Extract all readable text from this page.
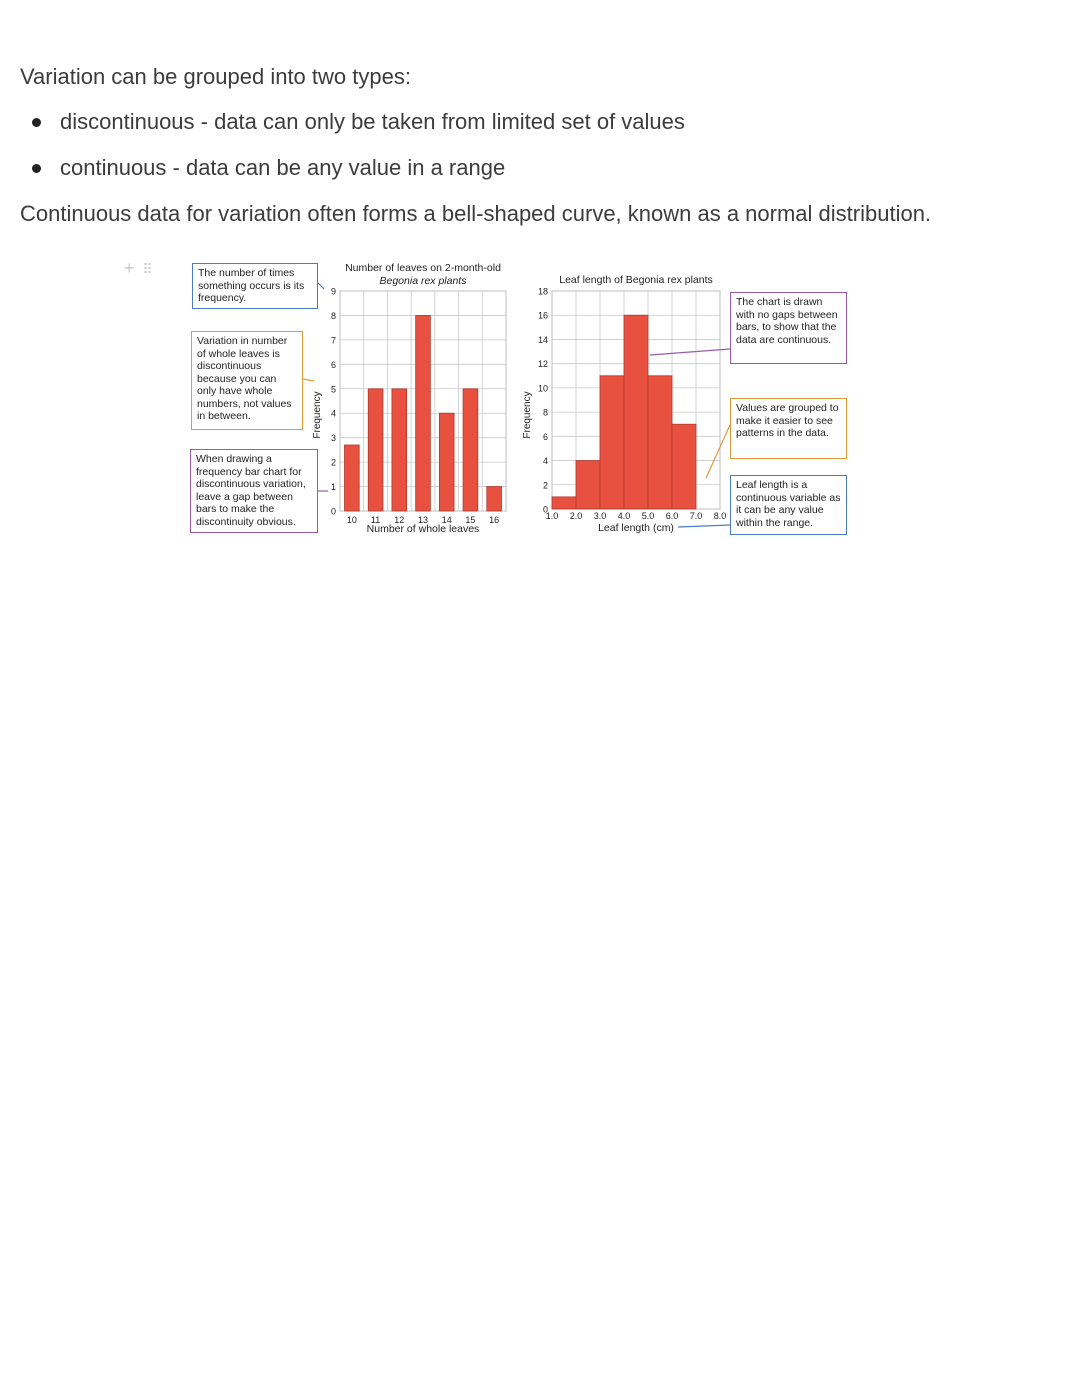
Variation can be grouped into two types:

discontinuous - data can only be taken from limited set of values
continuous - data can be any value in a range

Continuous data for variation often forms a bell-shaped curve, known as a normal distribution.

+ ⠿	The number of times something occurs is its frequency.
Variation in number of whole leaves is discontinuous because you can only have whole numbers, not values in between.
When drawing a frequency bar chart for discontinuous variation, leave a gap between bars to make the discontinuity obvious.
The chart is drawn with no gaps between bars, to show that the data are continuous.
Values are grouped to make it easier to see patterns in the data.
Leaf length is a continuous variable as it can be any value within the range.
Number of leaves on 2-month-old
Begonia rex plants
Frequency
Number of whole leaves
0
1
2
3
4
5
6
7
8
9
10 11 12 13 14 15 16
Leaf length of Begonia rex plants
Frequency
Leaf length (cm)
0
2
4
6
8
10
12
14
16
18
1.0 2.0 3.0 4.0 5.0 6.0 7.0 8.0
